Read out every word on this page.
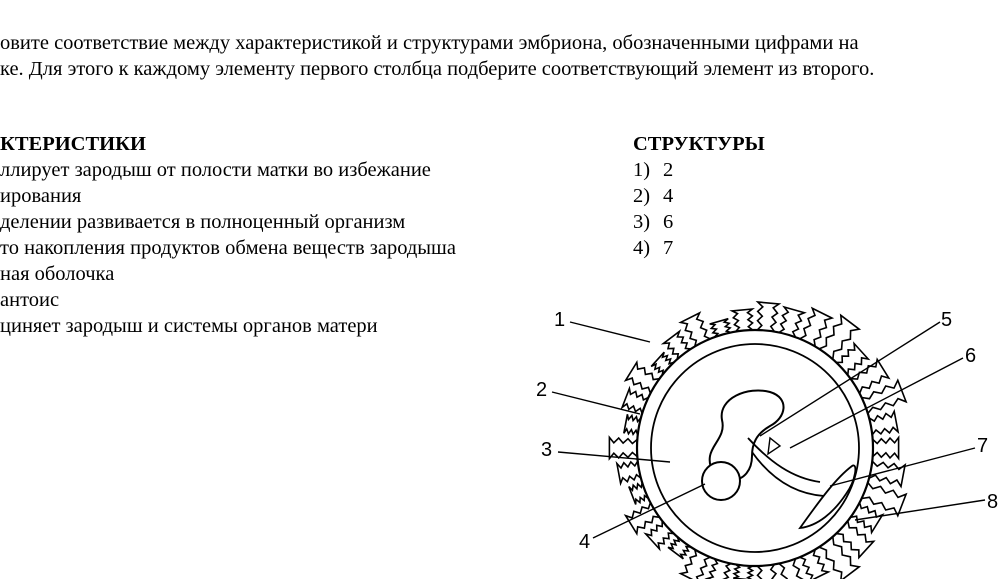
овите соответствие между характеристикой и структурами эмбриона, обозначенными цифрами на
ке. Для этого к каждому элементу первого столбца подберите соответствующий элемент из второго.
КТЕРИСТИКИ
ллирует зародыш от полости матки во избежание
ирования
делении развивается в полноценный организм
то накопления продуктов обмена веществ зародыша
ная оболочка
антоис
циняет зародыш и системы органов матери
СТРУКТУРЫ
1) 2
2) 4
3) 6
4) 7
1
2
3
4
5
6
7
8
